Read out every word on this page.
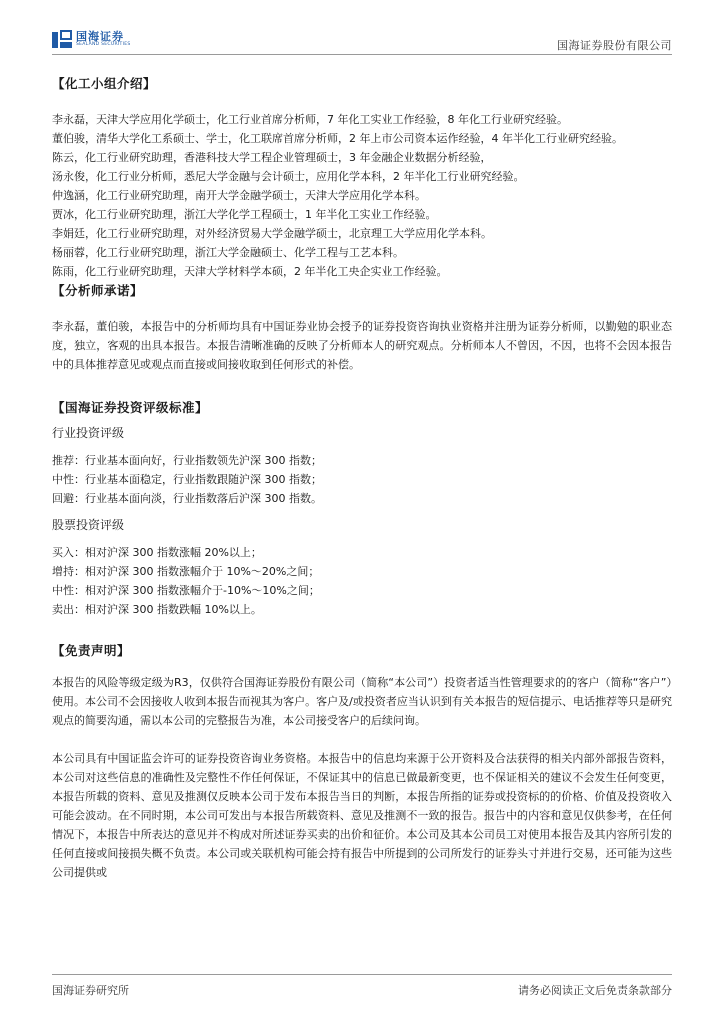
国海证券
SEALAND SECURITIES	国海证券股份有限公司
【化工小组介绍】

李永磊，天津大学应用化学硕士，化工行业首席分析师，7 年化工实业工作经验，8 年化工行业研究经验。

董伯骏，清华大学化工系硕士、学士，化工联席首席分析师，2 年上市公司资本运作经验，4 年半化工行业研究经验。

陈云，化工行业研究助理，香港科技大学工程企业管理硕士，3 年金融企业数据分析经验，

汤永俊，化工行业分析师，悉尼大学金融与会计硕士，应用化学本科，2 年半化工行业研究经验。

仲逸涵，化工行业研究助理，南开大学金融学硕士，天津大学应用化学本科。

贾冰，化工行业研究助理，浙江大学化学工程硕士，1 年半化工实业工作经验。

李娟廷，化工行业研究助理，对外经济贸易大学金融学硕士，北京理工大学应用化学本科。

杨丽蓉，化工行业研究助理，浙江大学金融硕士、化学工程与工艺本科。

陈雨，化工行业研究助理，天津大学材料学本硕，2 年半化工央企实业工作经验。

【分析师承诺】

李永磊，董伯骏，本报告中的分析师均具有中国证券业协会授予的证券投资咨询执业资格并注册为证券分析师，以勤勉的职业态度，独立，客观的出具本报告。本报告清晰准确的反映了分析师本人的研究观点。分析师本人不曾因，不因，也将不会因本报告中的具体推荐意见或观点而直接或间接收取到任何形式的补偿。

【国海证券投资评级标准】
行业投资评级
推荐：行业基本面向好，行业指数领先沪深 300 指数；
中性：行业基本面稳定，行业指数跟随沪深 300 指数；
回避：行业基本面向淡，行业指数落后沪深 300 指数。
股票投资评级
买入：相对沪深 300 指数涨幅 20%以上；
增持：相对沪深 300 指数涨幅介于 10%～20%之间；
中性：相对沪深 300 指数涨幅介于-10%～10%之间；
卖出：相对沪深 300 指数跌幅 10%以上。
【免责声明】

本报告的风险等级定级为R3，仅供符合国海证券股份有限公司（简称“本公司”）投资者适当性管理要求的的客户（简称“客户”）使用。本公司不会因接收人收到本报告而视其为客户。客户及/或投资者应当认识到有关本报告的短信提示、电话推荐等只是研究观点的简要沟通，需以本公司的完整报告为准，本公司接受客户的后续问询。

本公司具有中国证监会许可的证券投资咨询业务资格。本报告中的信息均来源于公开资料及合法获得的相关内部外部报告资料，本公司对这些信息的准确性及完整性不作任何保证，不保证其中的信息已做最新变更，也不保证相关的建议不会发生任何变更，本报告所载的资料、意见及推测仅反映本公司于发布本报告当日的判断，本报告所指的证券或投资标的的价格、价值及投资收入可能会波动。在不同时期，本公司可发出与本报告所载资料、意见及推测不一致的报告。报告中的内容和意见仅供参考，在任何情况下，本报告中所表达的意见并不构成对所述证券买卖的出价和征价。本公司及其本公司员工对使用本报告及其内容所引发的任何直接或间接损失概不负责。本公司或关联机构可能会持有报告中所提到的公司所发行的证券头寸并进行交易，还可能为这些公司提供或

国海证券研究所	请务必阅读正文后免责条款部分
